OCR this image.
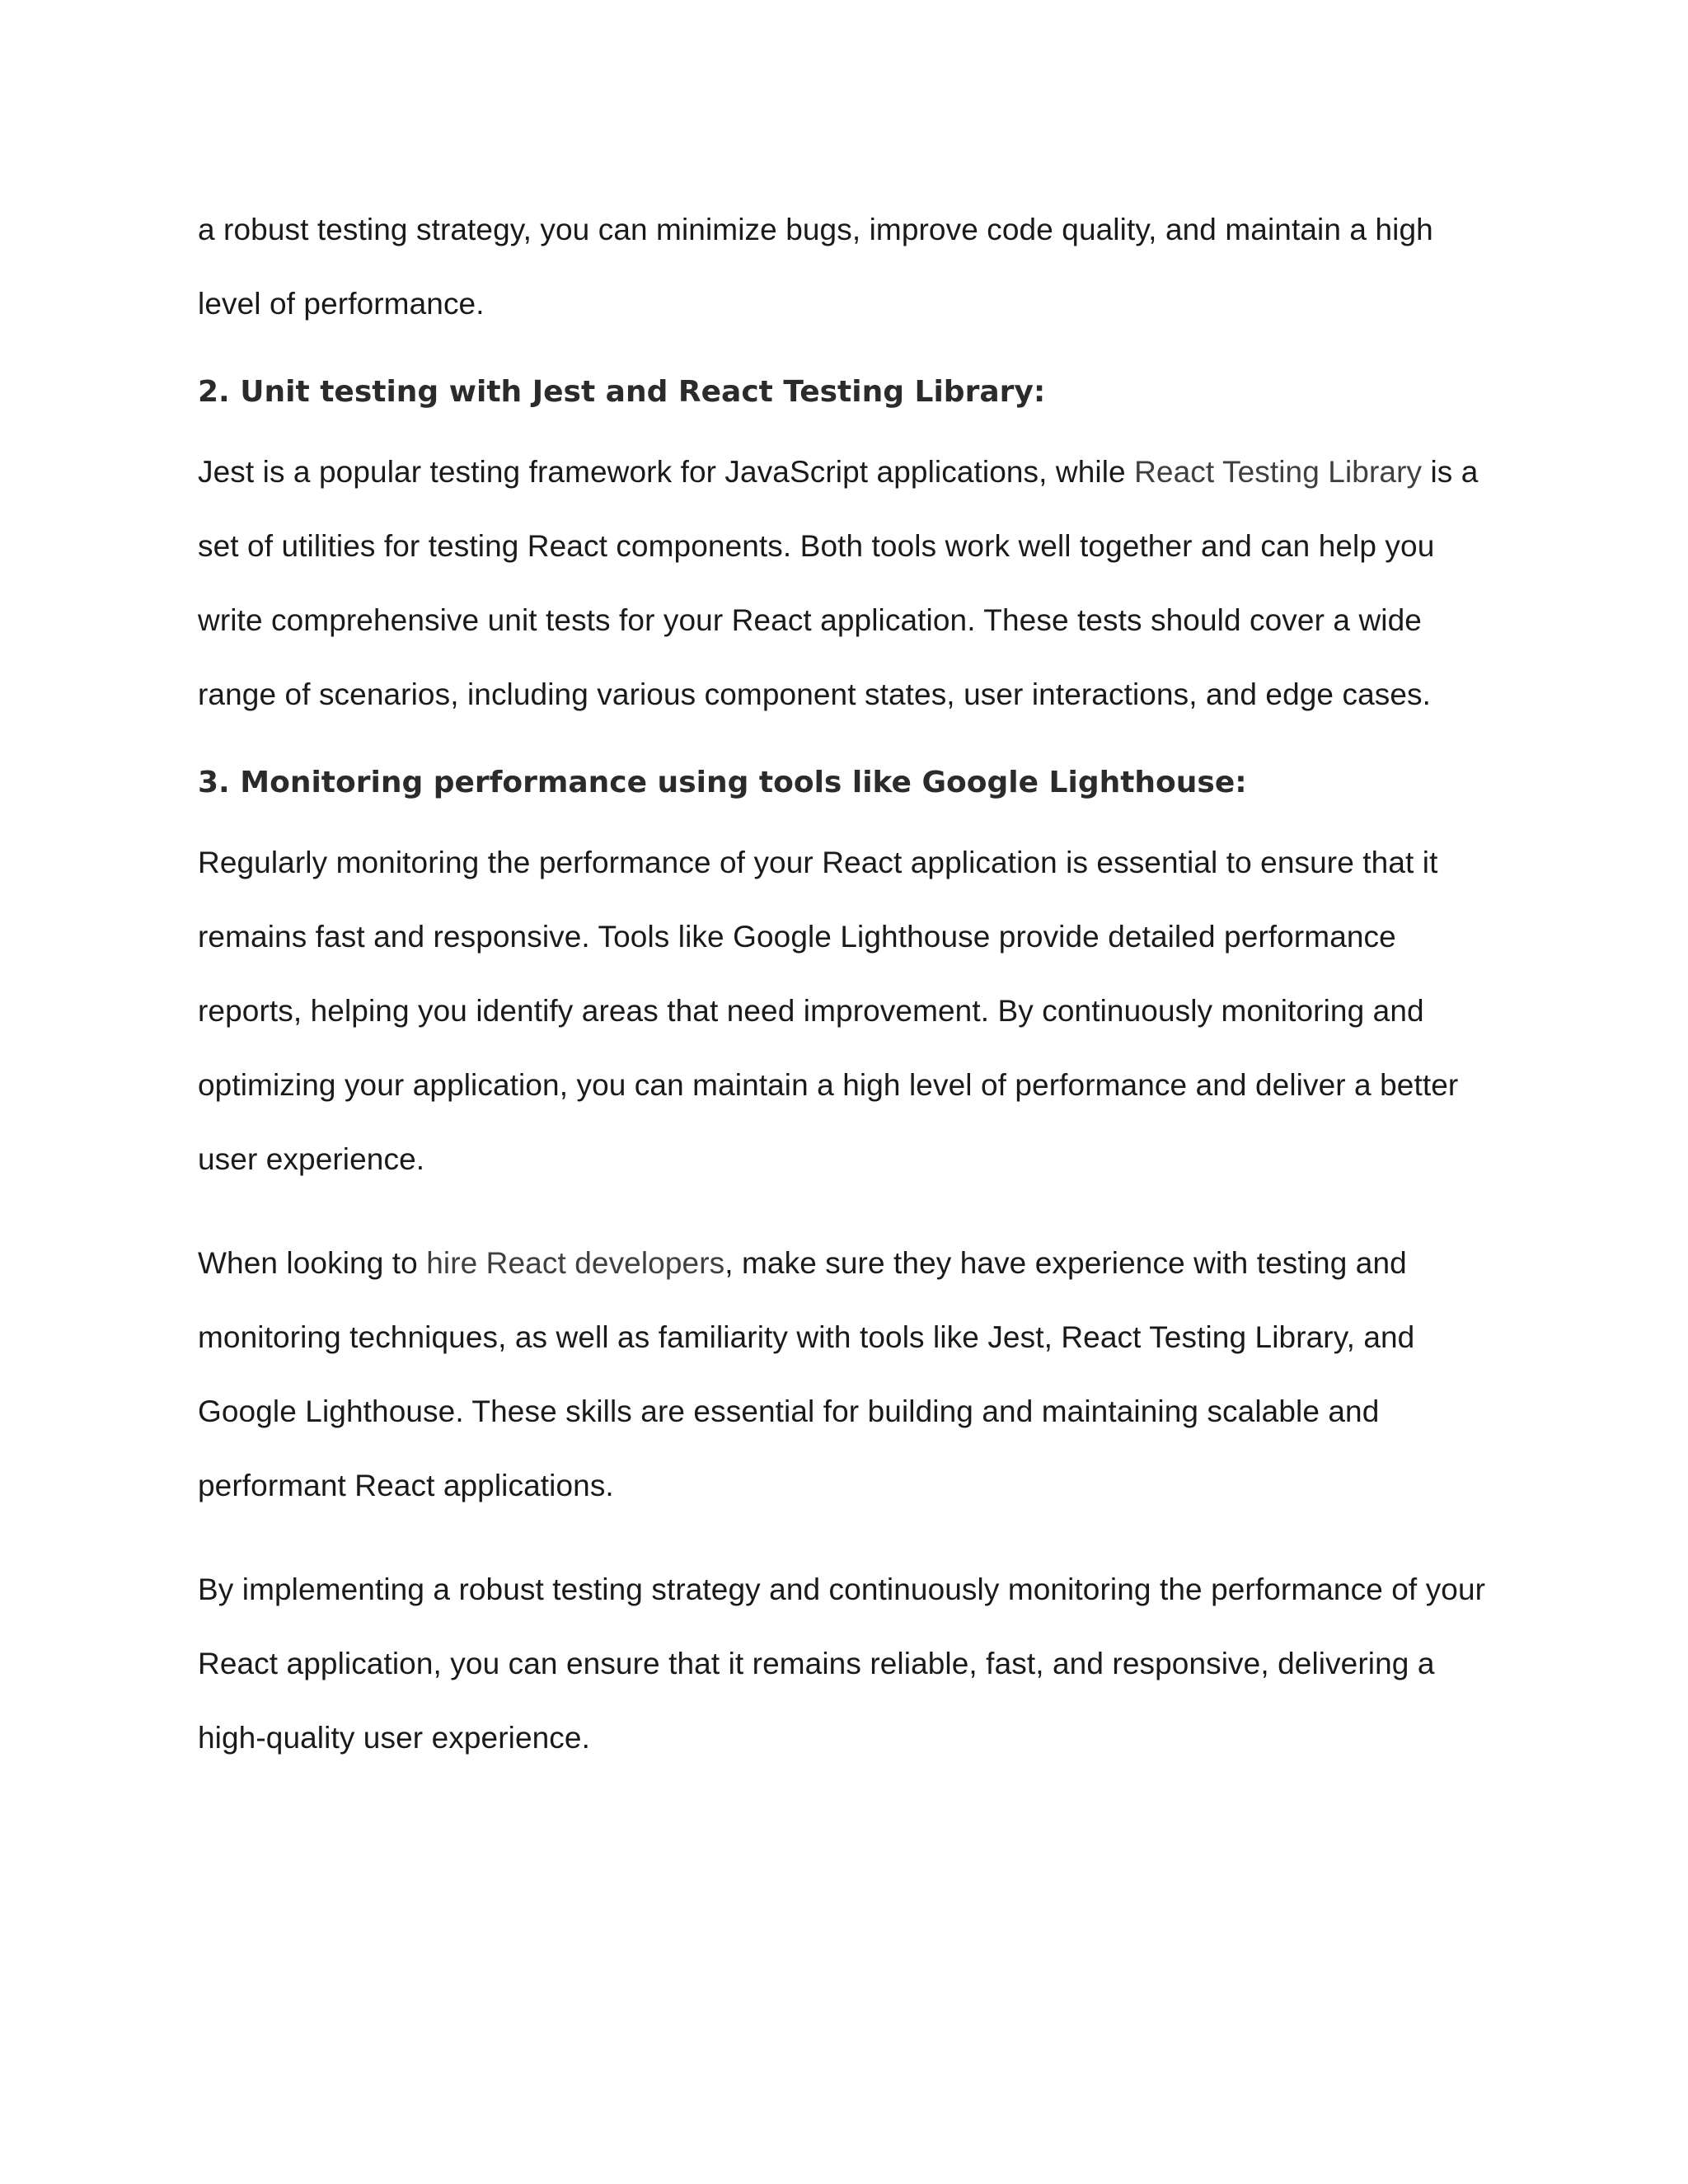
a robust testing strategy, you can minimize bugs, improve code quality, and maintain a high level of performance.

2. Unit testing with Jest and React Testing Library:

Jest is a popular testing framework for JavaScript applications, while React Testing Library is a set of utilities for testing React components. Both tools work well together and can help you write comprehensive unit tests for your React application. These tests should cover a wide range of scenarios, including various component states, user interactions, and edge cases.

3. Monitoring performance using tools like Google Lighthouse:

Regularly monitoring the performance of your React application is essential to ensure that it remains fast and responsive. Tools like Google Lighthouse provide detailed performance reports, helping you identify areas that need improvement. By continuously monitoring and optimizing your application, you can maintain a high level of performance and deliver a better user experience.

When looking to hire React developers, make sure they have experience with testing and monitoring techniques, as well as familiarity with tools like Jest, React Testing Library, and Google Lighthouse. These skills are essential for building and maintaining scalable and performant React applications.

By implementing a robust testing strategy and continuously monitoring the performance of your React application, you can ensure that it remains reliable, fast, and responsive, delivering a high-quality user experience.
